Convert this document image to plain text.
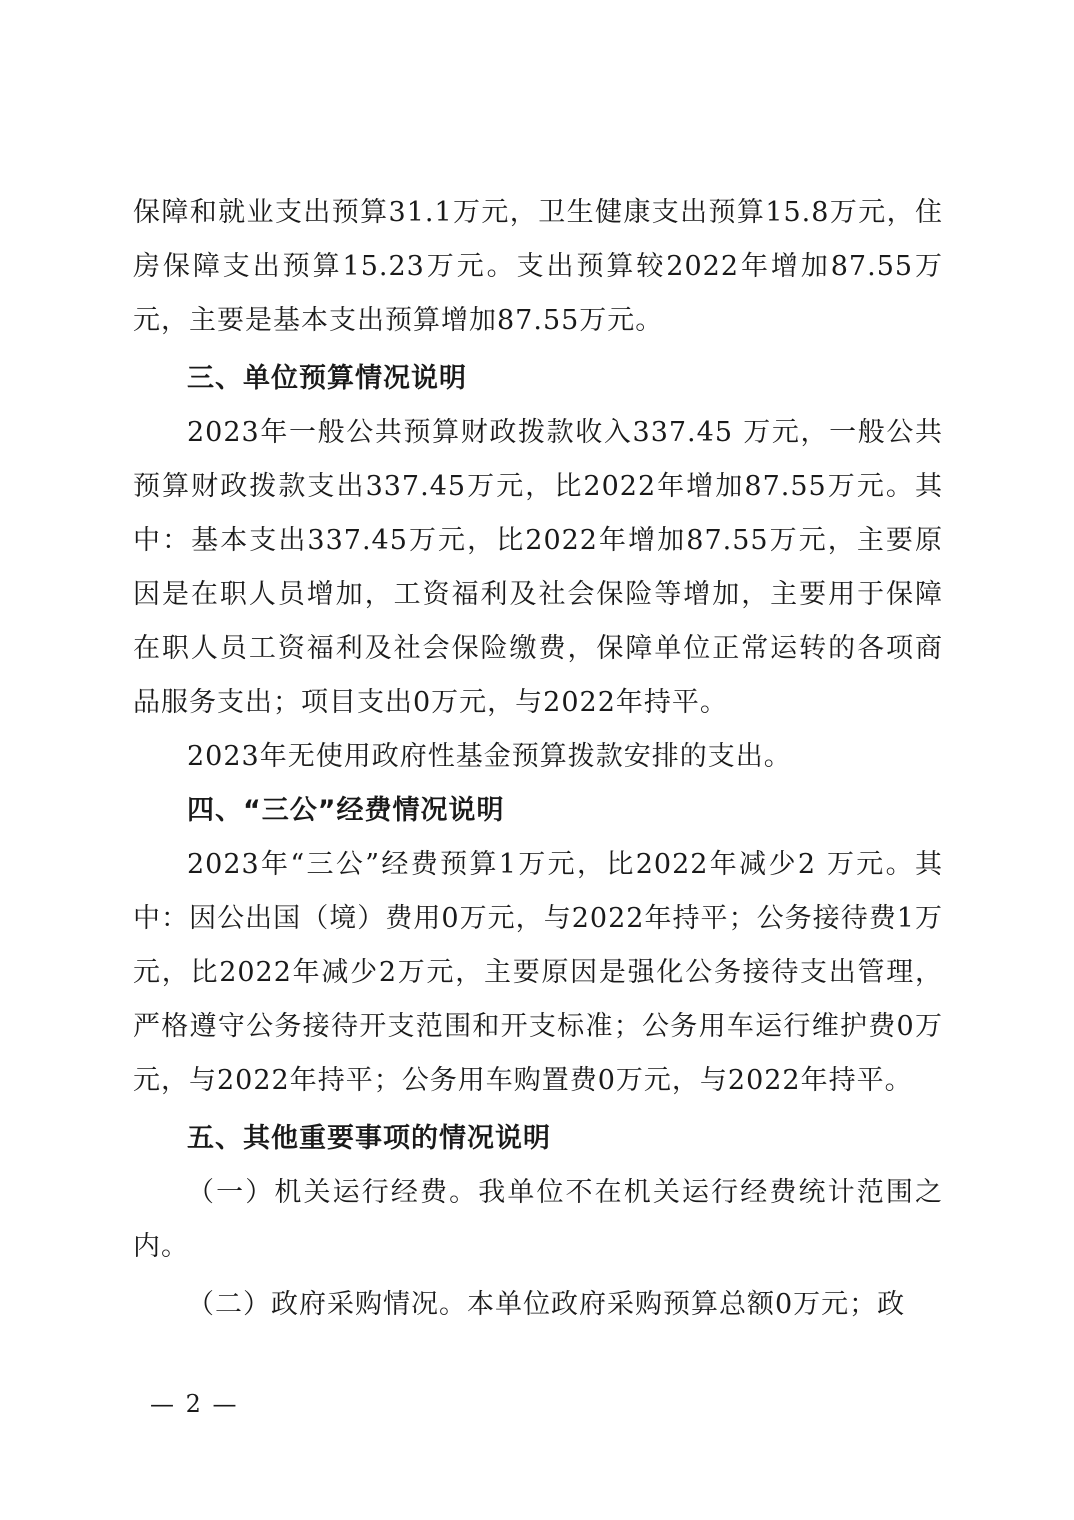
保障和就业支出预算31.1万元，卫生健康支出预算15.8万元，住房保障支出预算15.23万元。支出预算较2022年增加87.55万元，主要是基本支出预算增加87.55万元。

三、单位预算情况说明

2023年一般公共预算财政拨款收入337.45 万元，一般公共预算财政拨款支出337.45万元，比2022年增加87.55万元。其中：基本支出337.45万元，比2022年增加87.55万元，主要原因是在职人员增加，工资福利及社会保险等增加，主要用于保障在职人员工资福利及社会保险缴费，保障单位正常运转的各项商品服务支出；项目支出0万元，与2022年持平。

2023年无使用政府性基金预算拨款安排的支出。

四、“三公”经费情况说明

2023年“三公”经费预算1万元，比2022年减少2 万元。其中：因公出国（境）费用0万元，与2022年持平；公务接待费1万元，比2022年减少2万元，主要原因是强化公务接待支出管理，严格遵守公务接待开支范围和开支标准；公务用车运行维护费0万元，与2022年持平；公务用车购置费0万元，与2022年持平。

五、其他重要事项的情况说明

（一）机关运行经费。我单位不在机关运行经费统计范围之内。

（二）政府采购情况。本单位政府采购预算总额0万元；政

— 2 —
